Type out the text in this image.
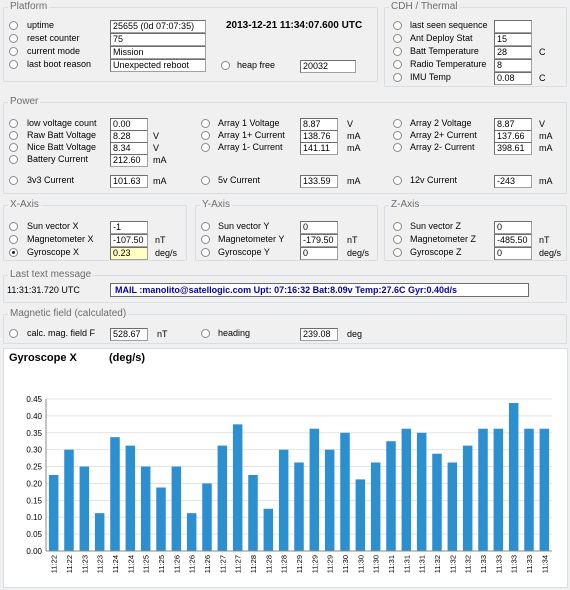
Platform
uptime	25655 (0d 07:07:35)
reset counter	75
current mode	Mission
last boot reason	Unexpected reboot
2013-12-21 11:34:07.600 UTC
heap free	20032
CDH / Thermal
last seen sequence
Ant Deploy Stat	15
Batt Temperature	28	C
Radio Temperature	8
IMU Temp	0.08	C
Power
low voltage count	0.00
Raw Batt Voltage	8.28	V
Nice Batt Voltage	8.34	V
Battery Current	212.60	mA
3v3 Current	101.63	mA
Array 1 Voltage	8.87	V
Array 1+ Current	138.76	mA
Array 1- Current	141.11	mA
5v Current	133.59	mA
Array 2 Voltage	8.87	V
Array 2+ Current	137.66	mA
Array 2- Current	398.61	mA
12v Current	-243	mA
X-Axis
Sun vector X	-1
Magnetometer X	-107.50	nT
Gyroscope X	0.23	deg/s
Y-Axis
Sun vector Y	0
Magnetometer Y	-179.50	nT
Gyroscope Y	0	deg/s
Z-Axis
Sun vector Z	0
Magnetometer Z	-485.50	nT
Gyroscope Z	0	deg/s
Last text message
11:31:31.720 UTC	MAIL :manolito@satellogic.com Upt: 07:16:32 Bat:8.09v Temp:27.6C Gyr:0.40d/s
Magnetic field (calculated)
calc. mag. field F	528.67	nT	heading	239.08	deg
Gyroscope X	(deg/s)
0.00
0.05
0.10
0.15
0.20
0.25
0.30
0.35
0.40
0.45
11:22 11:22 11:23 11:23 11:24 11:24 11:25 11:25 11:26 11:26 11:26 11:27 11:27 11:28 11:28 11:28 11:29 11:29 11:29 11:30 11:30 11:30 11:31 11:31 11:31 11:32 11:32 11:32 11:33 11:33 11:33 11:33 11:34
